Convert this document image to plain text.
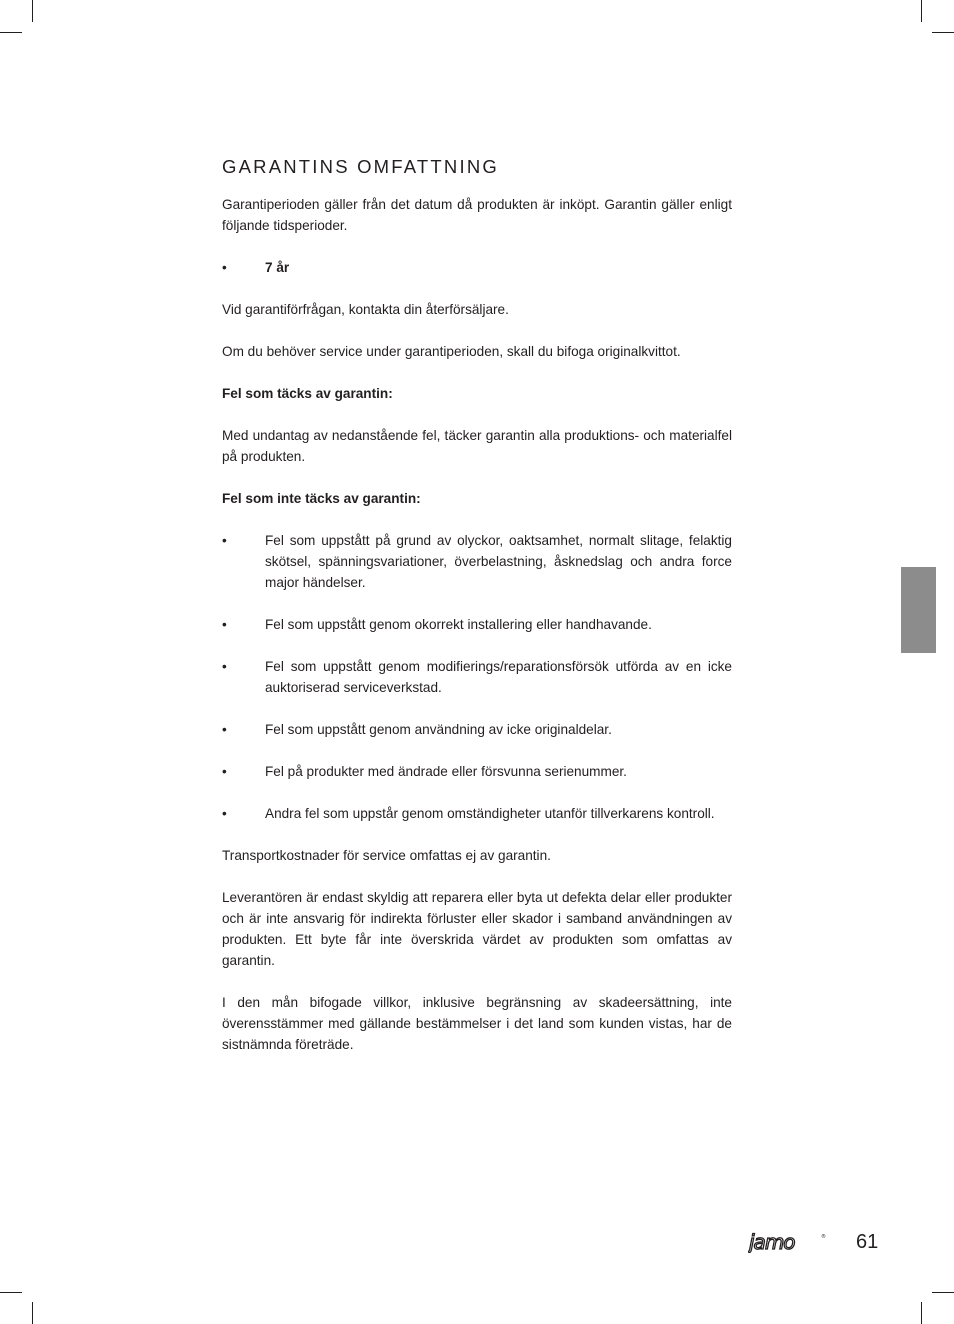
GARANTINS OMFATTNING

Garantiperioden gäller från det datum då produkten är inköpt. Garantin gäller enligt följande tidsperioder.

•	7 år

Vid garantiförfrågan, kontakta din återförsäljare.

Om du behöver service under garantiperioden, skall du bifoga originalkvittot.

Fel som täcks av garantin:

Med undantag av nedanstående fel, täcker garantin alla produktions- och materialfel på produkten.

Fel som inte täcks av garantin:

•	Fel som uppstått på grund av olyckor, oaktsamhet, normalt slitage, felaktig skötsel, spänningsvariationer, överbelastning, åsknedslag och andra force major händelser.
•	Fel som uppstått genom okorrekt installering eller handhavande.
•	Fel som uppstått genom modifierings/reparationsförsök utförda av en icke auktoriserad serviceverkstad.
•	Fel som uppstått genom användning av icke originaldelar.
•	Fel på produkter med ändrade eller försvunna serienummer.
•	Andra fel som uppstår genom omständigheter utanför tillverkarens kontroll.

Transportkostnader för service omfattas ej av garantin.

Leverantören är endast skyldig att reparera eller byta ut defekta delar eller produkter och är inte ansvarig för indirekta förluster eller skador i samband användningen av produkten. Ett byte får inte överskrida värdet av produkten som omfattas av garantin.

I den mån bifogade villkor, inklusive begränsning av skadeersättning, inte överensstämmer med gällande bestämmelser i det land som kunden vistas, har de sistnämnda företräde.

jamo	® 61
